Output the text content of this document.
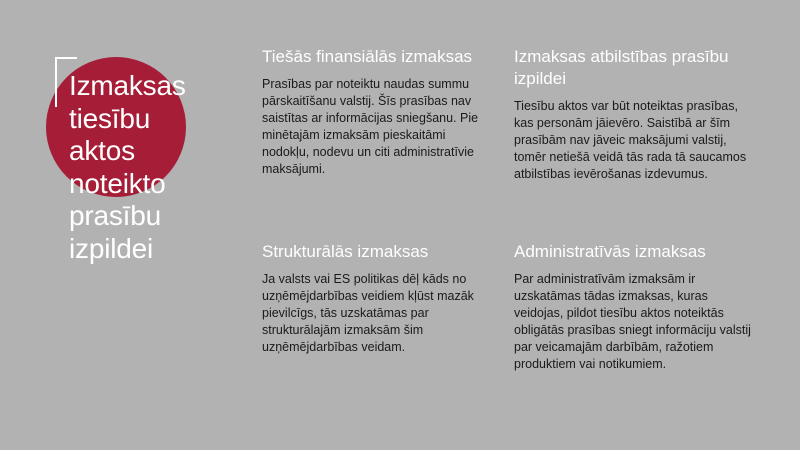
Izmaksas tiesību aktos noteikto prasību izpildei
Tiešās finansiālās izmaksas

Prasības par noteiktu naudas summu pārskaitīšanu valstij. Šīs prasības nav saistītas ar informācijas sniegšanu. Pie minētajām izmaksām pieskaitāmi nodokļu, nodevu un citi administratīvie maksājumi.

Izmaksas atbilstības prasību izpildei

Tiesību aktos var būt noteiktas prasības, kas personām jāievēro. Saistībā ar šīm prasībām nav jāveic maksājumi valstij, tomēr netiešā veidā tās rada tā saucamos atbilstības ievērošanas izdevumus.

Strukturālās izmaksas

Ja valsts vai ES politikas dēļ kāds no uzņēmējdarbības veidiem kļūst mazāk pievilcīgs, tās uzskatāmas par strukturālajām izmaksām šim uzņēmējdarbības veidam.

Administratīvās izmaksas

Par administratīvām izmaksām ir uzskatāmas tādas izmaksas, kuras veidojas, pildot tiesību aktos noteiktās obligātās prasības sniegt informāciju valstij par veicamajām darbībām, ražotiem produktiem vai notikumiem.
